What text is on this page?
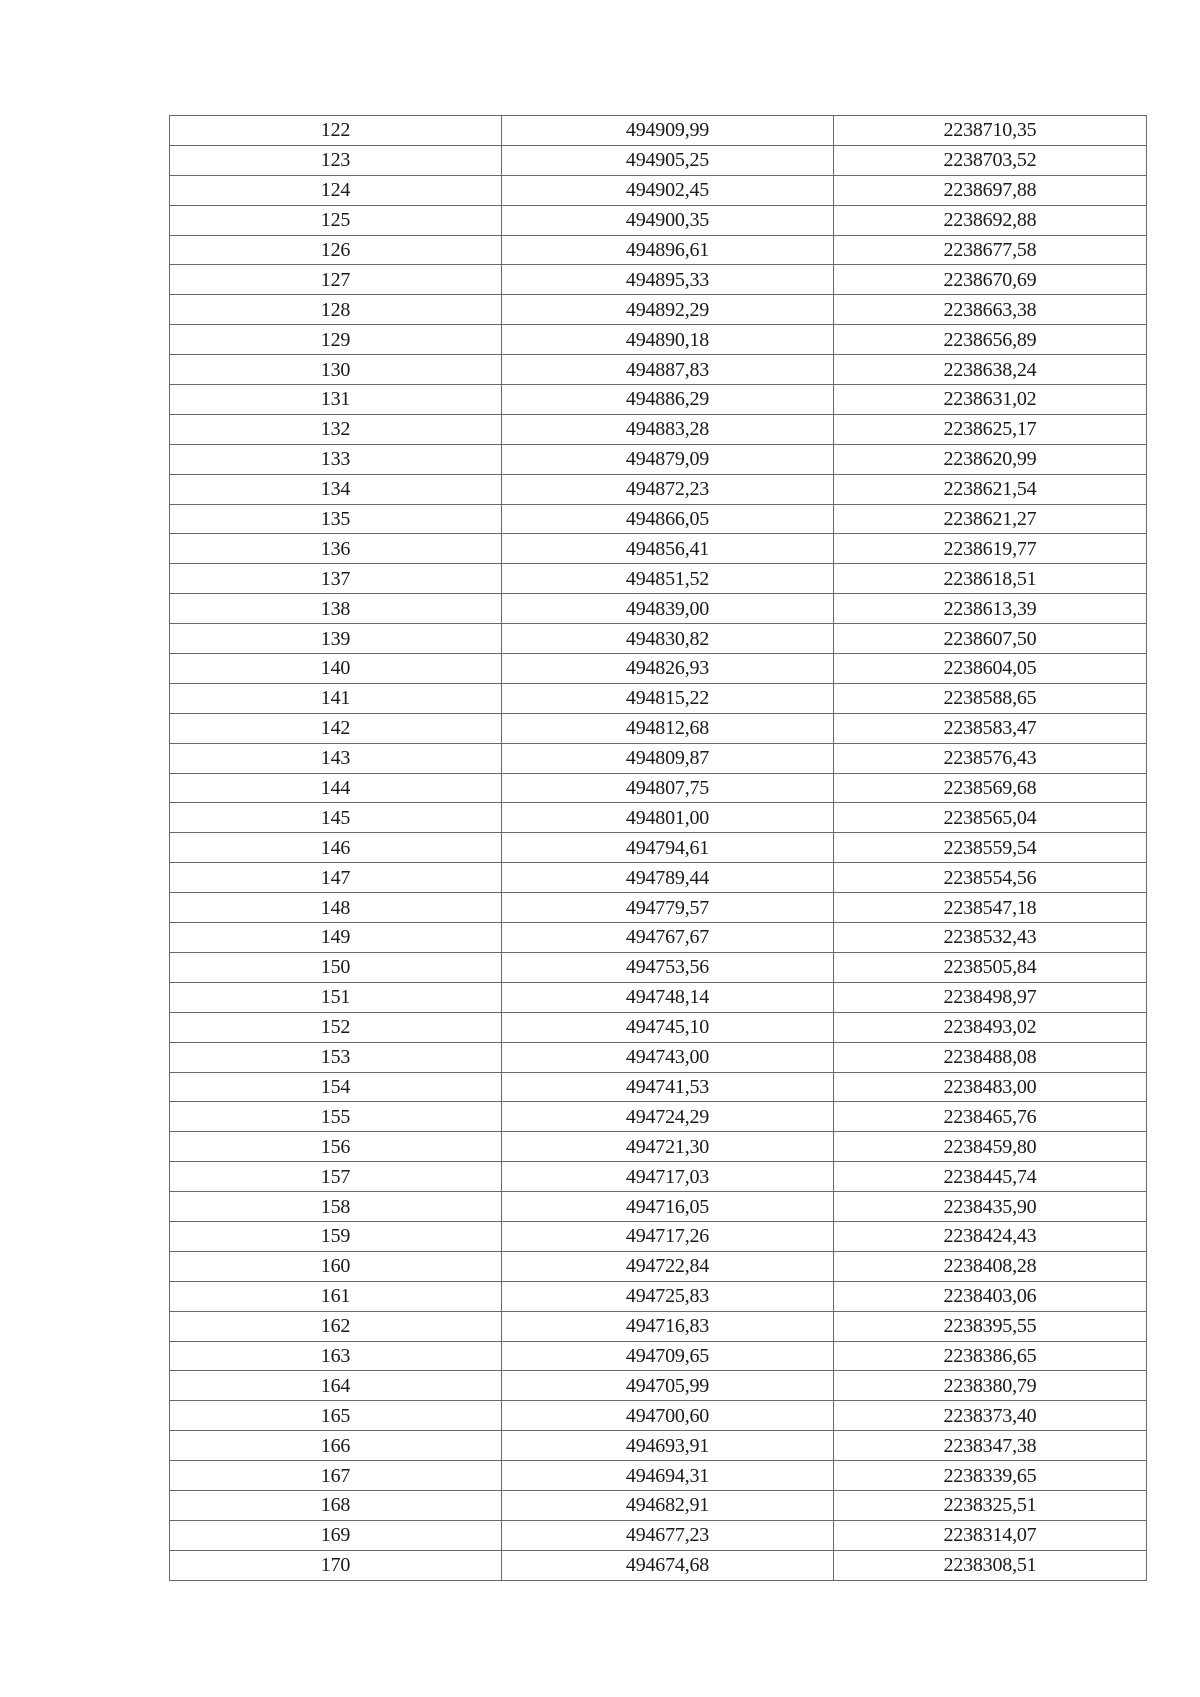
122	494909,99	2238710,35
123	494905,25	2238703,52
124	494902,45	2238697,88
125	494900,35	2238692,88
126	494896,61	2238677,58
127	494895,33	2238670,69
128	494892,29	2238663,38
129	494890,18	2238656,89
130	494887,83	2238638,24
131	494886,29	2238631,02
132	494883,28	2238625,17
133	494879,09	2238620,99
134	494872,23	2238621,54
135	494866,05	2238621,27
136	494856,41	2238619,77
137	494851,52	2238618,51
138	494839,00	2238613,39
139	494830,82	2238607,50
140	494826,93	2238604,05
141	494815,22	2238588,65
142	494812,68	2238583,47
143	494809,87	2238576,43
144	494807,75	2238569,68
145	494801,00	2238565,04
146	494794,61	2238559,54
147	494789,44	2238554,56
148	494779,57	2238547,18
149	494767,67	2238532,43
150	494753,56	2238505,84
151	494748,14	2238498,97
152	494745,10	2238493,02
153	494743,00	2238488,08
154	494741,53	2238483,00
155	494724,29	2238465,76
156	494721,30	2238459,80
157	494717,03	2238445,74
158	494716,05	2238435,90
159	494717,26	2238424,43
160	494722,84	2238408,28
161	494725,83	2238403,06
162	494716,83	2238395,55
163	494709,65	2238386,65
164	494705,99	2238380,79
165	494700,60	2238373,40
166	494693,91	2238347,38
167	494694,31	2238339,65
168	494682,91	2238325,51
169	494677,23	2238314,07
170	494674,68	2238308,51
